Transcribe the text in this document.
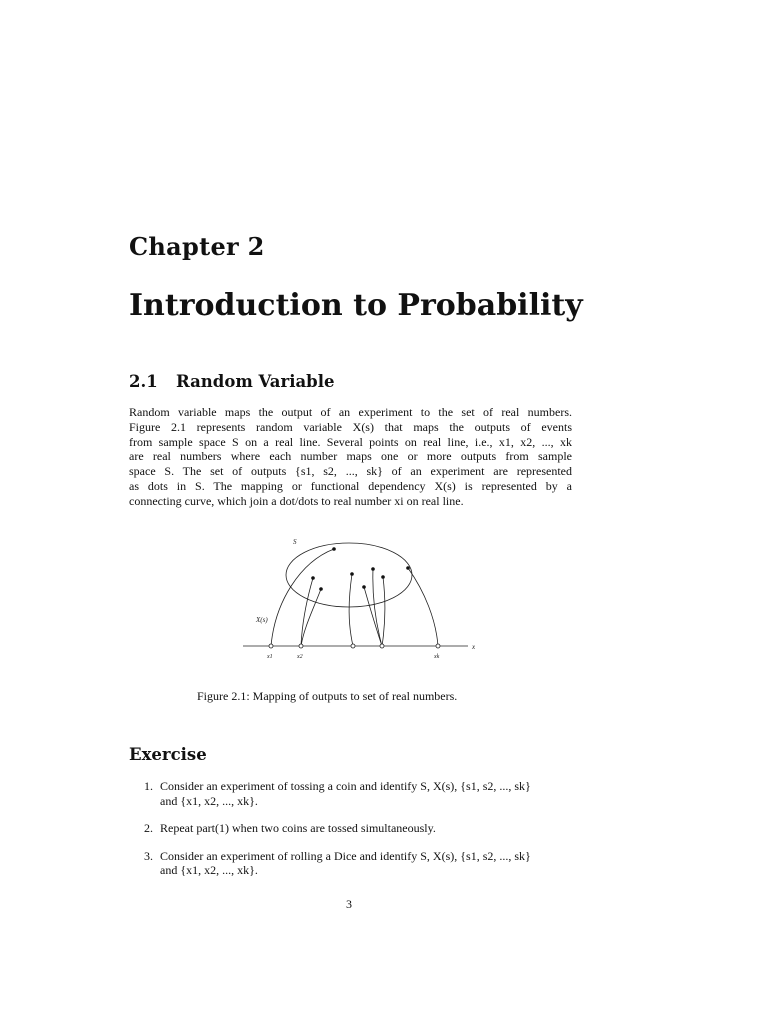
Chapter 2
Introduction to Probability
2.1 Random Variable
Random variable maps the output of an experiment to the set of real numbers.
Figure 2.1 represents random variable X(s) that maps the outputs of events
from sample space S on a real line. Several points on real line, i.e., x1, x2, ..., xk
are real numbers where each number maps one or more outputs from sample
space S. The set of outputs {s1, s2, ..., sk} of an experiment are represented
as dots in S. The mapping or functional dependency X(s) is represented by a
connecting curve, which join a dot/dots to real number xi on real line.
S
X(s)
x
x1	x2	xk
Figure 2.1: Mapping of outputs to set of real numbers.
Exercise
1. Consider an experiment of tossing a coin and identify S, X(s), {s1, s2, ..., sk}
and {x1, x2, ..., xk}.
2. Repeat part(1) when two coins are tossed simultaneously.
3. Consider an experiment of rolling a Dice and identify S, X(s), {s1, s2, ..., sk}
and {x1, x2, ..., xk}.
3
